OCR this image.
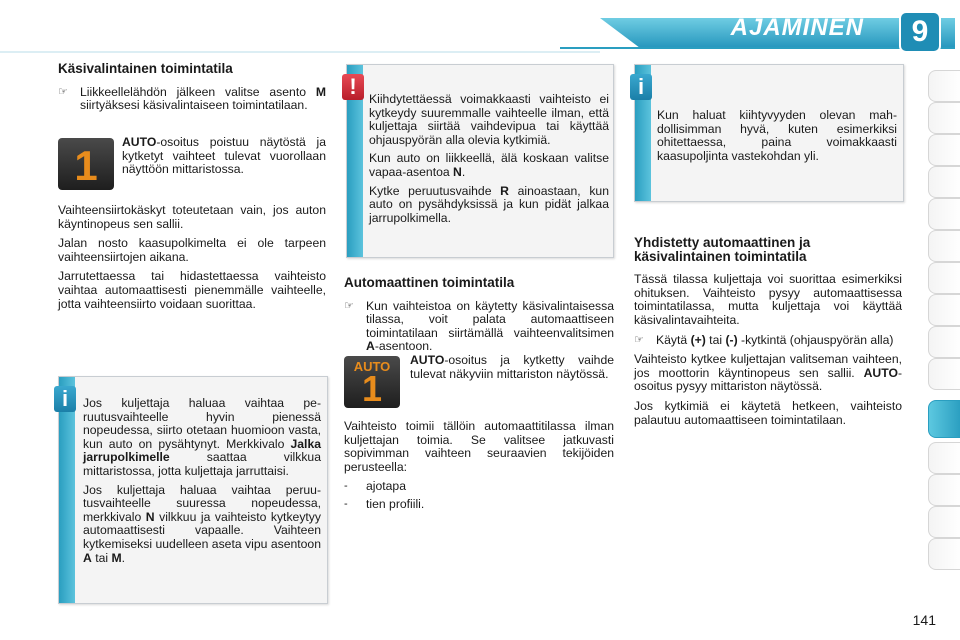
AJAMINEN	9
Käsivalintainen toimintatila
☞ Liikkeellelähdön jälkeen valitse asento M siirtyäksesi käsivalintaiseen toimintatilaan.
1	AUTO-osoitus poistuu näytöstä ja kytketyt vaihteet tulevat vuorollaan näyttöön mittaristossa.

Vaihteensiirtokäskyt toteutetaan vain, jos auton käyntinopeus sen sallii.

Jalan nosto kaasupolkimelta ei ole tarpeen vaihteensiirtojen aikana.

Jarrutettaessa tai hidastettaessa vaihteisto vaihtaa automaattisesti pienemmälle vaihteelle, jotta vaihteensiirto voidaan suorittaa.

Jos kuljettaja haluaa vaihtaa peruutusvaihteelle hyvin pienessä nopeudessa, siirto otetaan huomioon vasta, kun auto on pysähtynyt. Merkkivalo Jalka jarrupolkimelle saattaa vilkkua mittaristossa, jotta kuljettaja jarruttaisi.

Jos kuljettaja haluaa vaihtaa peruutusvaihteelle suuressa nopeudessa, merkkivalo N vilkkuu ja vaihteisto kytkeytyy automaattisesti vapaalle. Vaihteen kytkemiseksi uudelleen aseta vipu asentoon A tai M.

i

Kiihdytettäessä voimakkaasti vaihteisto ei kytkeydy suuremmalle vaihteelle ilman, että kuljettaja siirtää vaihdevipua tai käyttää ohjauspyörän alla olevia kytkimiä.

Kun auto on liikkeellä, älä koskaan valitse vapaa-asentoa N.

Kytke peruutusvaihde R ainoastaan, kun auto on pysähdyksissä ja kun pidät jalkaa jarrupolkimella.

!
Automaattinen toimintatila
☞ Kun vaihteistoa on käytetty käsivalintaisessa tilassa, voit palata automaattiseen toimintatilaan siirtämällä vaihteenvalitsimen A-asentoon.
AUTO
1

AUTO-osoitus ja kytketty vaihde tulevat näkyviin mittariston näytössä.

Vaihteisto toimii tällöin automaattitilassa ilman kuljettajan toimia. Se valitsee jatkuvasti sopivimman vaihteen seuraavien tekijöiden perusteella:

-	ajotapa
-	tien profiili.

Kun haluat kiihtyvyyden olevan mahdollisimman hyvä, kuten esimerkiksi ohitettaessa, paina voimakkaasti kaasupoljinta vastekohdan yli.

i
Yhdistetty automaattinen ja käsivalintainen toimintatila

Tässä tilassa kuljettaja voi suorittaa esimerkiksi ohituksen. Vaihteisto pysyy automaattisessa toimintatilassa, mutta kuljettaja voi käyttää käsivalintavaihteita.

☞ Käytä (+) tai (-) -kytkintä (ohjauspyörän alla)

Vaihteisto kytkee kuljettajan valitseman vaihteen, jos moottorin käyntinopeus sen sallii. AUTO-osoitus pysyy mittariston näytössä.

Jos kytkimiä ei käytetä hetkeen, vaihteisto palautuu automaattiseen toimintatilaan.

141
